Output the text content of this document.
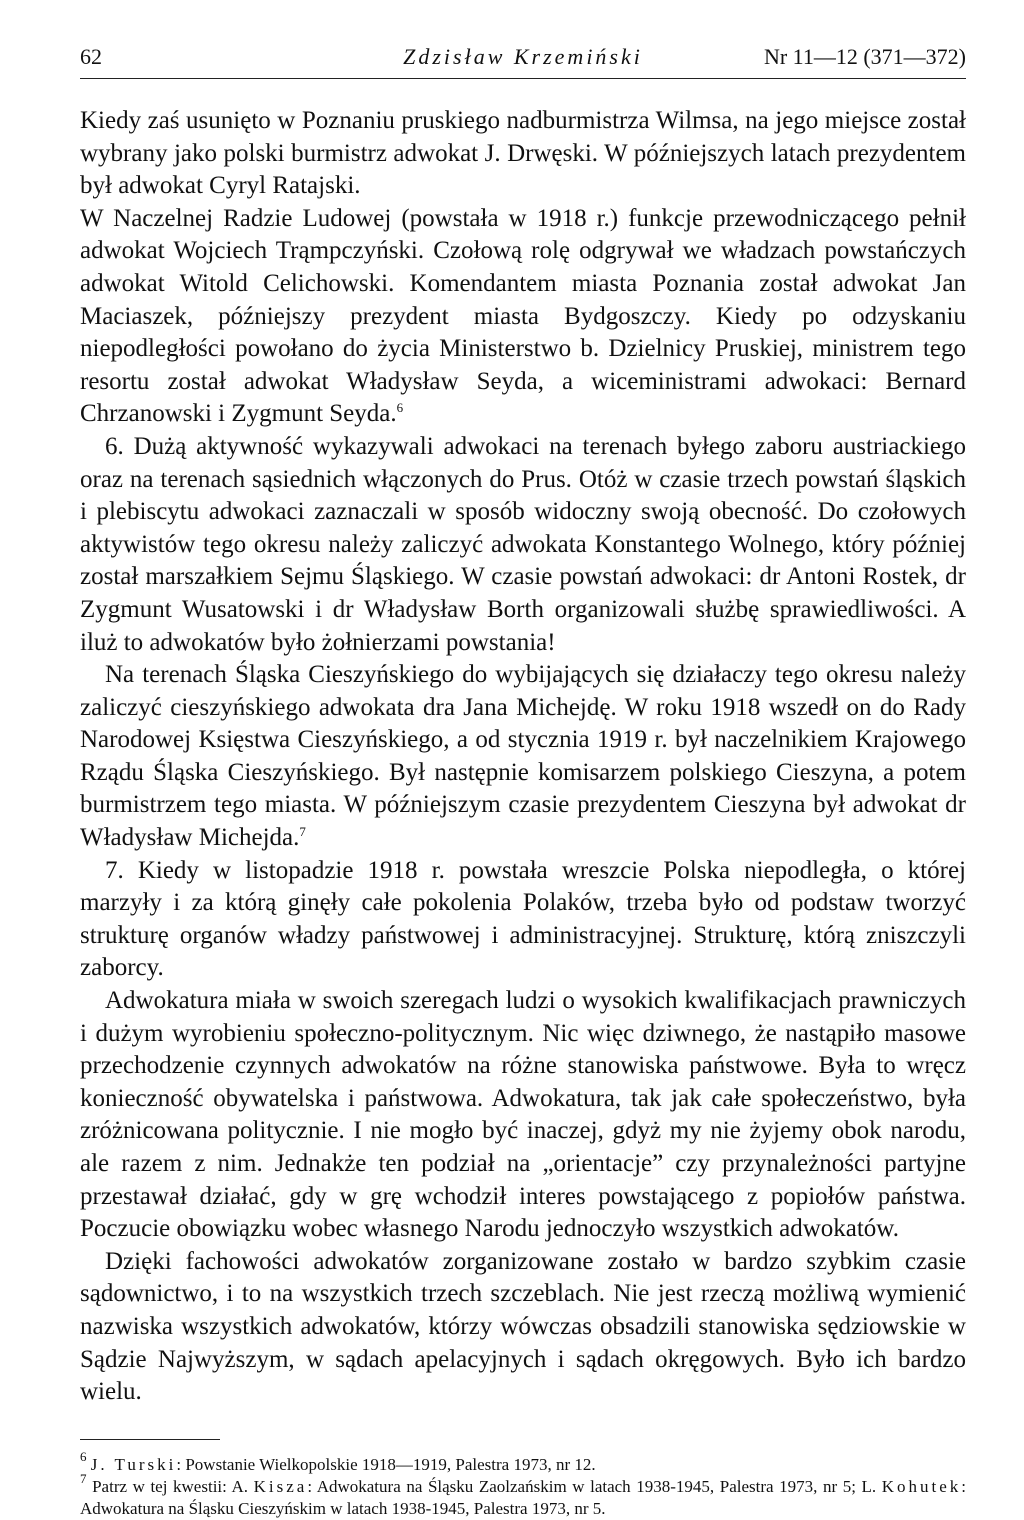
62	Zdzisław Krzemiński	Nr 11—12 (371—372)

Kiedy zaś usunięto w Poznaniu pruskiego nadburmistrza Wilmsa, na jego miejsce został wybrany jako polski burmistrz adwokat J. Drwęski. W późniejszych latach prezydentem był adwokat Cyryl Ratajski.

W Naczelnej Radzie Ludowej (powstała w 1918 r.) funkcje przewodniczącego pełnił adwokat Wojciech Trąmpczyński. Czołową rolę odgrywał we władzach powstańczych adwokat Witold Celichowski. Komendantem miasta Poznania został adwokat Jan Maciaszek, późniejszy prezydent miasta Bydgoszczy. Kiedy po odzyskaniu niepodległości powołano do życia Ministerstwo b. Dzielnicy Pruskiej, ministrem tego resortu został adwokat Władysław Seyda, a wiceministrami adwokaci: Bernard Chrzanowski i Zygmunt Seyda.$^6$

6. Dużą aktywność wykazywali adwokaci na terenach byłego zaboru austriackiego oraz na terenach sąsiednich włączonych do Prus. Otóż w czasie trzech powstań śląskich i plebiscytu adwokaci zaznaczali w sposób widoczny swoją obecność. Do czołowych aktywistów tego okresu należy zaliczyć adwokata Konstantego Wolnego, który później został marszałkiem Sejmu Śląskiego. W czasie powstań adwokaci: dr Antoni Rostek, dr Zygmunt Wusatowski i dr Władysław Borth organizowali służbę sprawiedliwości. A iluż to adwokatów było żołnierzami powstania!

Na terenach Śląska Cieszyńskiego do wybijających się działaczy tego okresu należy zaliczyć cieszyńskiego adwokata dra Jana Michejdę. W roku 1918 wszedł on do Rady Narodowej Księstwa Cieszyńskiego, a od stycznia 1919 r. był naczelnikiem Krajowego Rządu Śląska Cieszyńskiego. Był następnie komisarzem polskiego Cieszyna, a potem burmistrzem tego miasta. W późniejszym czasie prezydentem Cieszyna był adwokat dr Władysław Michejda.$^7$

7. Kiedy w listopadzie 1918 r. powstała wreszcie Polska niepodległa, o której marzyły i za którą ginęły całe pokolenia Polaków, trzeba było od podstaw tworzyć strukturę organów władzy państwowej i administracyjnej. Strukturę, którą zniszczyli zaborcy.

Adwokatura miała w swoich szeregach ludzi o wysokich kwalifikacjach prawniczych i dużym wyrobieniu społeczno-politycznym. Nic więc dziwnego, że nastąpiło masowe przechodzenie czynnych adwokatów na różne stanowiska państwowe. Była to wręcz konieczność obywatelska i państwowa. Adwokatura, tak jak całe społeczeństwo, była zróżnicowana politycznie. I nie mogło być inaczej, gdyż my nie żyjemy obok narodu, ale razem z nim. Jednakże ten podział na „orientacje” czy przynależności partyjne przestawał działać, gdy w grę wchodził interes powstającego z popiołów państwa. Poczucie obowiązku wobec własnego Narodu jednoczyło wszystkich adwokatów.

Dzięki fachowości adwokatów zorganizowane zostało w bardzo szybkim czasie sądownictwo, i to na wszystkich trzech szczeblach. Nie jest rzeczą możliwą wymienić nazwiska wszystkich adwokatów, którzy wówczas obsadzili stanowiska sędziowskie w Sądzie Najwyższym, w sądach apelacyjnych i sądach okręgowych. Było ich bardzo wielu.

$^6$ J. Turski: Powstanie Wielkopolskie 1918—1919, Palestra 1973, nr 12.

$^7$ Patrz w tej kwestii: A. Kisza: Adwokatura na Śląsku Zaolzańskim w latach 1938-1945, Palestra 1973, nr 5; L. Kohutek: Adwokatura na Śląsku Cieszyńskim w latach 1938-1945, Palestra 1973, nr 5.
